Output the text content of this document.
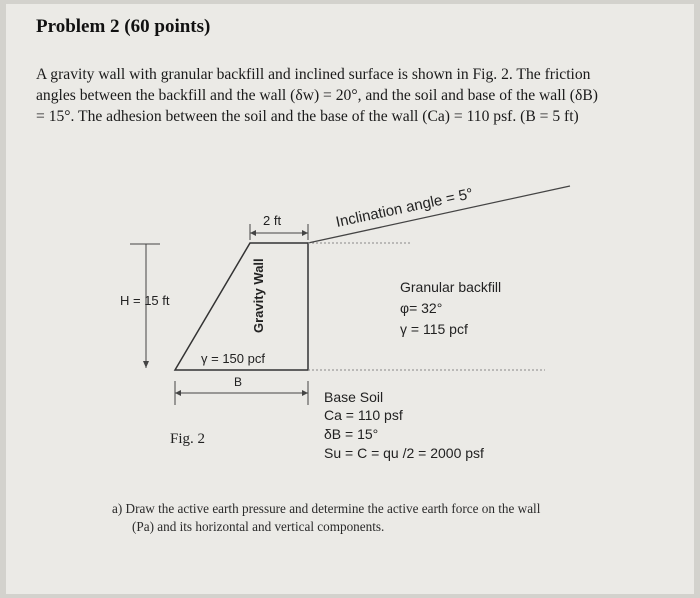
Problem 2 (60 points)
A gravity wall with granular backfill and inclined surface is shown in Fig. 2. The friction
angles between the backfill and the wall (δw) = 20°, and the soil and base of the wall (δB)
= 15°. The adhesion between the soil and the base of the wall (Ca) = 110 psf. (B = 5 ft)
2 ft	Inclination angle = 5°
H = 15 ft	Gravity Wall
γ = 150 pcf
B
Granular backfill
φ= 32°
γ = 115 pcf
Base Soil
Ca = 110 psf
δB = 15°
Su = C = qu /2 = 2000 psf
Fig. 2
a) Draw the active earth pressure and determine the active earth force on the wall
(Pa) and its horizontal and vertical components.
